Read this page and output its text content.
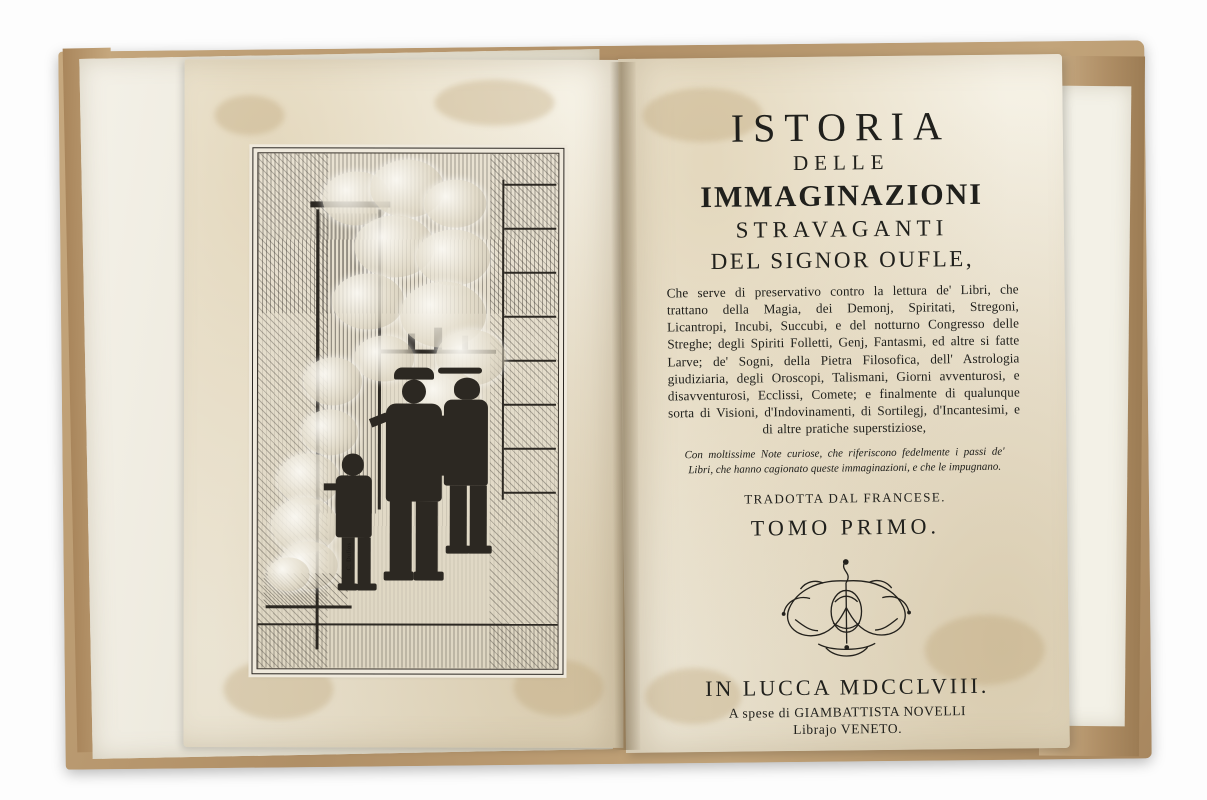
C. Duflos
ISTORIA
DELLE
IMMAGINAZIONI
STRAVAGANTI
DEL SIGNOR OUFLE,
Che serve di preservativo contro la lettura de' Libri, che trattano della Magia, dei Demonj, Spiritati, Stregoni, Licantropi, Incubi, Succubi, e del notturno Congresso delle Streghe; degli Spiriti Folletti, Genj, Fantasmi, ed altre si fatte Larve; de' Sogni, della Pietra Filosofica, dell' Astrologia giudiziaria, degli Oroscopi, Talismani, Giorni avventurosi, e disavventurosi, Ecclissi, Comete; e finalmente di qualunque sorta di Visioni, d'Indovinamenti, di Sortilegj, d'Incantesimi, e di altre pratiche superstiziose,
Con moltissime Note curiose, che riferiscono fedelmente i passi de' Libri, che hanno cagionato queste immaginazioni, e che le impugnano.
TRADOTTA DAL FRANCESE.
TOMO PRIMO.
IN LUCCA MDCCLVIII.
A spese di GIAMBATTISTA NOVELLI
Librajo VENETO.
